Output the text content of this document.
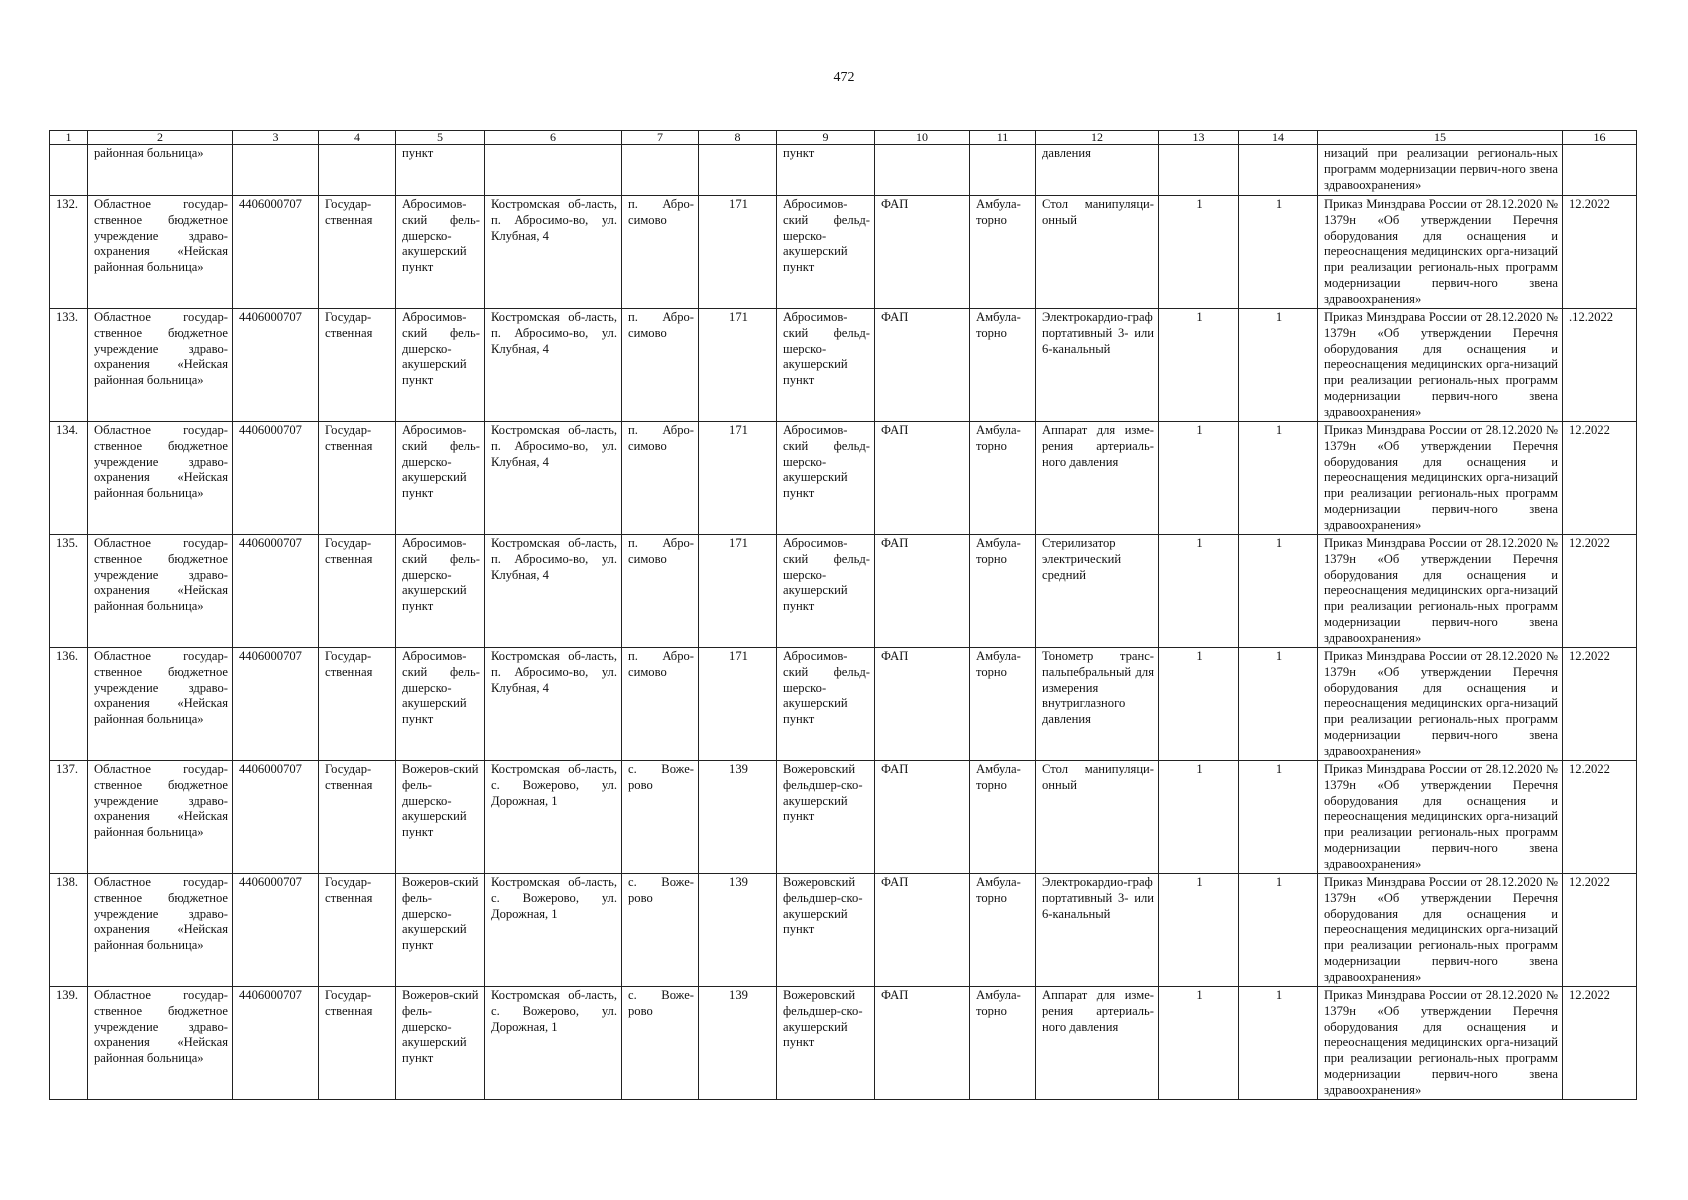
472
1	2	3	4	5	6	7	8	9	10	11	12	13	14	15	16
	районная больница»			пункт				пункт			давления			низаций при реализации региональ-ных программ модернизации первич-ного звена здравоохранения»	
132.	Областное государ-ственное бюджетное учреждение здраво-охранения «Нейская районная больница»	4406000707	Государ-ственная	Абросимов-ский фель-дшерско-акушерский пункт	Костромская об-ласть, п. Абросимо-во, ул. Клубная, 4	п. Абро-симово	171	Абросимов-ский фельд-шерско-акушерский пункт	ФАП	Амбула-торно	Стол манипуляци-онный	1	1	Приказ Минздрава России от 28.12.2020 № 1379н «Об утверждении Перечня оборудования для оснащения и переоснащения медицинских орга-низаций при реализации региональ-ных программ модернизации первич-ного звена здравоохранения»	12.2022
133.	Областное государ-ственное бюджетное учреждение здраво-охранения «Нейская районная больница»	4406000707	Государ-ственная	Абросимов-ский фель-дшерско-акушерский пункт	Костромская об-ласть, п. Абросимо-во, ул. Клубная, 4	п. Абро-симово	171	Абросимов-ский фельд-шерско-акушерский пункт	ФАП	Амбула-торно	Электрокардио-граф портативный 3- или 6-канальный	1	1	Приказ Минздрава России от 28.12.2020 № 1379н «Об утверждении Перечня оборудования для оснащения и переоснащения медицинских орга-низаций при реализации региональ-ных программ модернизации первич-ного звена здравоохранения»	.12.2022
134.	Областное государ-ственное бюджетное учреждение здраво-охранения «Нейская районная больница»	4406000707	Государ-ственная	Абросимов-ский фель-дшерско-акушерский пункт	Костромская об-ласть, п. Абросимо-во, ул. Клубная, 4	п. Абро-симово	171	Абросимов-ский фельд-шерско-акушерский пункт	ФАП	Амбула-торно	Аппарат для изме-рения артериаль-ного давления	1	1	Приказ Минздрава России от 28.12.2020 № 1379н «Об утверждении Перечня оборудования для оснащения и переоснащения медицинских орга-низаций при реализации региональ-ных программ модернизации первич-ного звена здравоохранения»	12.2022
135.	Областное государ-ственное бюджетное учреждение здраво-охранения «Нейская районная больница»	4406000707	Государ-ственная	Абросимов-ский фель-дшерско-акушерский пункт	Костромская об-ласть, п. Абросимо-во, ул. Клубная, 4	п. Абро-симово	171	Абросимов-ский фельд-шерско-акушерский пункт	ФАП	Амбула-торно	Стерилизатор электрический средний	1	1	Приказ Минздрава России от 28.12.2020 № 1379н «Об утверждении Перечня оборудования для оснащения и переоснащения медицинских орга-низаций при реализации региональ-ных программ модернизации первич-ного звена здравоохранения»	12.2022
136.	Областное государ-ственное бюджетное учреждение здраво-охранения «Нейская районная больница»	4406000707	Государ-ственная	Абросимов-ский фель-дшерско-акушерский пункт	Костромская об-ласть, п. Абросимо-во, ул. Клубная, 4	п. Абро-симово	171	Абросимов-ский фельд-шерско-акушерский пункт	ФАП	Амбула-торно	Тонометр транс-пальпебральный для измерения внутриглазного давления	1	1	Приказ Минздрава России от 28.12.2020 № 1379н «Об утверждении Перечня оборудования для оснащения и переоснащения медицинских орга-низаций при реализации региональ-ных программ модернизации первич-ного звена здравоохранения»	12.2022
137.	Областное государ-ственное бюджетное учреждение здраво-охранения «Нейская районная больница»	4406000707	Государ-ственная	Вожеров-ский фель-дшерско-акушерский пункт	Костромская об-ласть, с. Вожерово, ул. Дорожная, 1	с. Воже-рово	139	Вожеровский фельдшер-ско-акушерский пункт	ФАП	Амбула-торно	Стол манипуляци-онный	1	1	Приказ Минздрава России от 28.12.2020 № 1379н «Об утверждении Перечня оборудования для оснащения и переоснащения медицинских орга-низаций при реализации региональ-ных программ модернизации первич-ного звена здравоохранения»	12.2022
138.	Областное государ-ственное бюджетное учреждение здраво-охранения «Нейская районная больница»	4406000707	Государ-ственная	Вожеров-ский фель-дшерско-акушерский пункт	Костромская об-ласть, с. Вожерово, ул. Дорожная, 1	с. Воже-рово	139	Вожеровский фельдшер-ско-акушерский пункт	ФАП	Амбула-торно	Электрокардио-граф портативный 3- или 6-канальный	1	1	Приказ Минздрава России от 28.12.2020 № 1379н «Об утверждении Перечня оборудования для оснащения и переоснащения медицинских орга-низаций при реализации региональ-ных программ модернизации первич-ного звена здравоохранения»	12.2022
139.	Областное государ-ственное бюджетное учреждение здраво-охранения «Нейская районная больница»	4406000707	Государ-ственная	Вожеров-ский фель-дшерско-акушерский пункт	Костромская об-ласть, с. Вожерово, ул. Дорожная, 1	с. Воже-рово	139	Вожеровский фельдшер-ско-акушерский пункт	ФАП	Амбула-торно	Аппарат для изме-рения артериаль-ного давления	1	1	Приказ Минздрава России от 28.12.2020 № 1379н «Об утверждении Перечня оборудования для оснащения и переоснащения медицинских орга-низаций при реализации региональ-ных программ модернизации первич-ного звена здравоохранения»	12.2022
